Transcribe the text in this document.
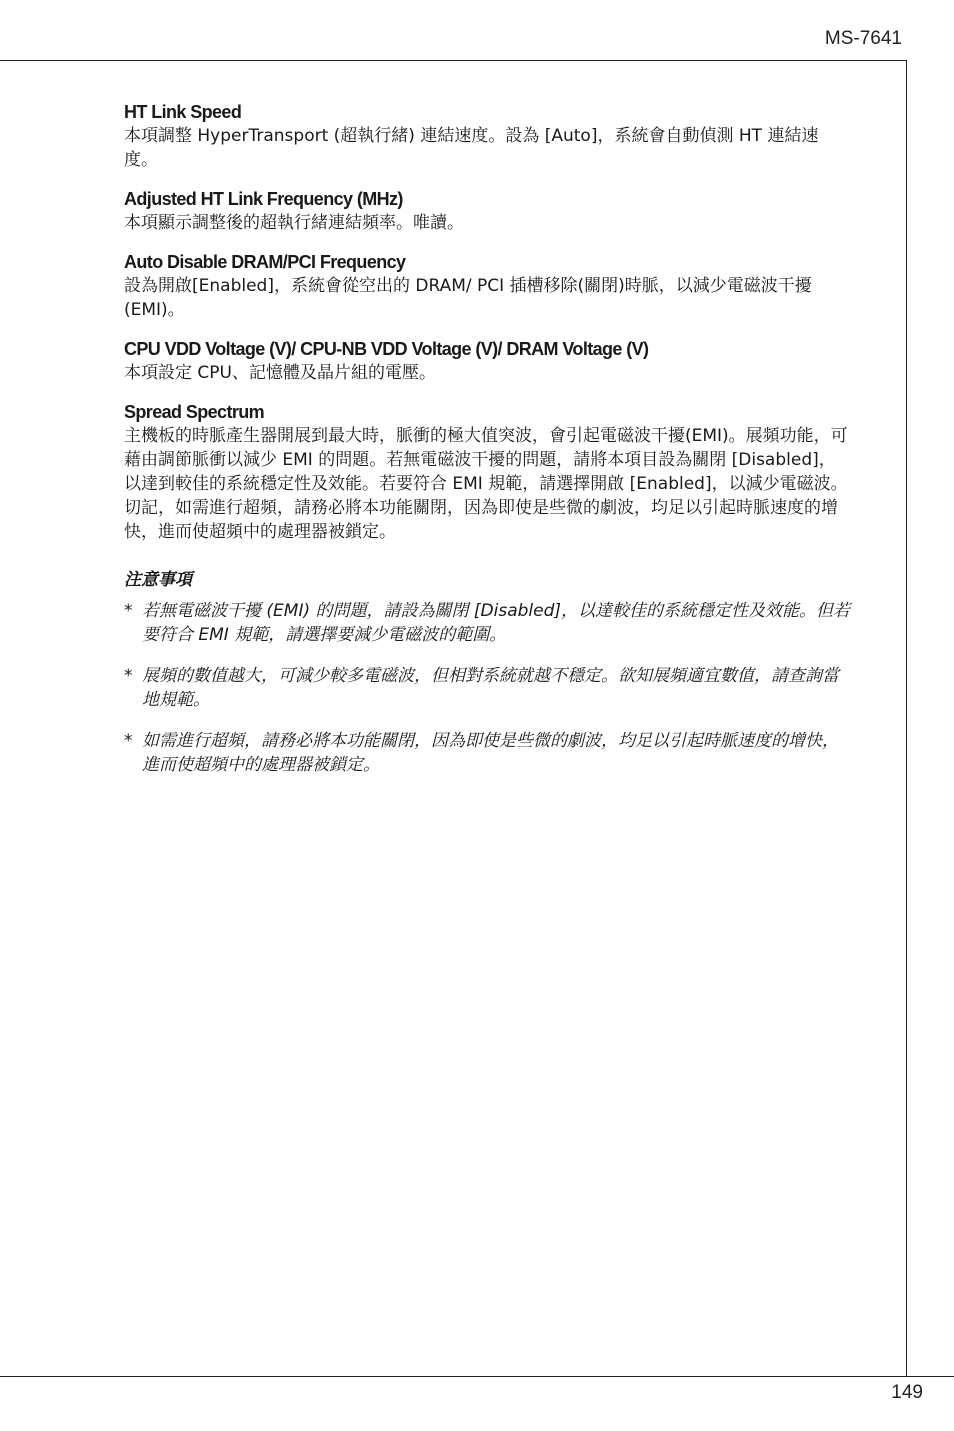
MS-7641
HT Link Speed

本項調整 HyperTransport (超執行緒) 連結速度。設為 [Auto]，系統會自動偵測 HT 連結速度。

Adjusted HT Link Frequency (MHz)

本項顯示調整後的超執行緒連結頻率。唯讀。

Auto Disable DRAM/PCI Frequency

設為開啟[Enabled]，系統會從空出的 DRAM/ PCI 插槽移除(關閉)時脈，以減少電磁波干擾(EMI)。

CPU VDD Voltage (V)/ CPU-NB VDD Voltage (V)/ DRAM Voltage (V)

本項設定 CPU、記憶體及晶片組的電壓。

Spread Spectrum

主機板的時脈產生器開展到最大時，脈衝的極大值突波，會引起電磁波干擾(EMI)。展頻功能，可藉由調節脈衝以減少 EMI 的問題。若無電磁波干擾的問題，請將本項目設為關閉 [Disabled]，以達到較佳的系統穩定性及效能。若要符合 EMI 規範，請選擇開啟 [Enabled]，以減少電磁波。切記，如需進行超頻，請務必將本功能關閉，因為即使是些微的劇波，均足以引起時脈速度的增快，進而使超頻中的處理器被鎖定。

注意事項
* 若無電磁波干擾 (EMI) 的問題，請設為關閉 [Disabled]，以達較佳的系統穩定性及效能。但若要符合 EMI 規範，請選擇要減少電磁波的範圍。
* 展頻的數值越大，可減少較多電磁波，但相對系統就越不穩定。欲知展頻適宜數值，請查詢當地規範。
* 如需進行超頻，請務必將本功能關閉，因為即使是些微的劇波，均足以引起時脈速度的增快，進而使超頻中的處理器被鎖定。
149
